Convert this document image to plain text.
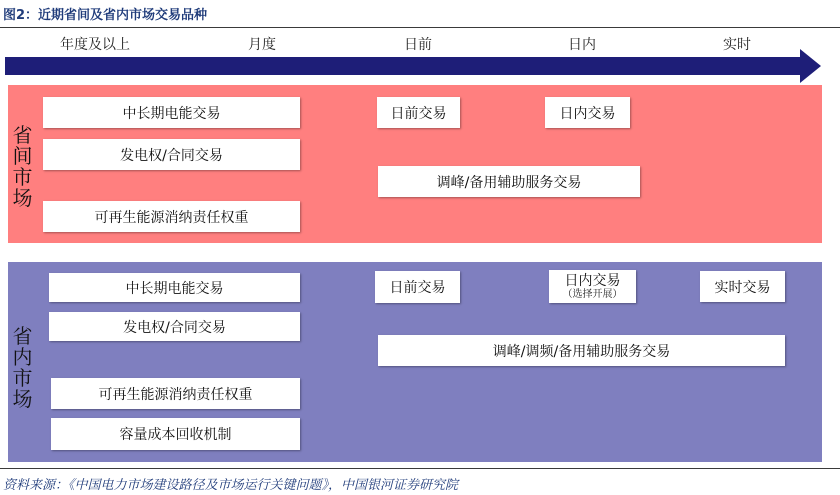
图2：近期省间及省内市场交易品种
年度及以上	月度	日前	日内	实时
省间市场
中长期电能交易
发电权/合同交易
可再生能源消纳责任权重
日前交易	日内交易
调峰/备用辅助服务交易
省内市场
中长期电能交易
发电权/合同交易
可再生能源消纳责任权重
容量成本回收机制
日前交易	日内交易
（选择开展）	实时交易
调峰/调频/备用辅助服务交易
资料来源：《中国电力市场建设路径及市场运行关键问题》，中国银河证券研究院
